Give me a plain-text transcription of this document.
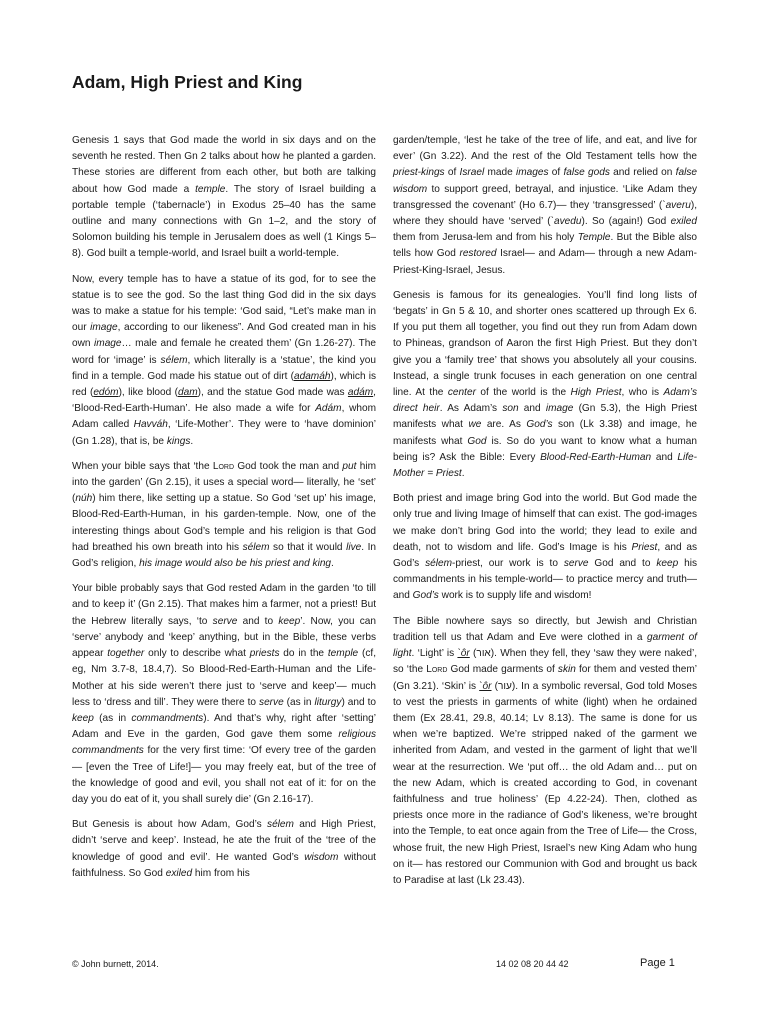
Adam, High Priest and King

Genesis 1 says that God made the world in six days and on the seventh he rested. Then Gn 2 talks about how he planted a garden. These stories are different from each other, but both are talking about how God made a temple. The story of Israel building a portable temple (‘tabernacle’) in Exodus 25–40 has the same outline and many connections with Gn 1–2, and the story of Solomon building his temple in Jerusalem does as well (1 Kings 5–8). God built a temple-world, and Israel built a world-temple.

Now, every temple has to have a statue of its god, for to see the statue is to see the god. So the last thing God did in the six days was to make a statue for his temple: ‘God said, “Let’s make man in our image, according to our likeness”. And God created man in his own image… male and female he created them’ (Gn 1.26-27). The word for ‘image’ is sélem, which literally is a ‘statue’, the kind you find in a temple. God made his statue out of dirt (adamáh), which is red (edóm), like blood (dam), and the statue God made was adám, ‘Blood-Red-Earth-Human’. He also made a wife for Adám, whom Adam called Havváh, ‘Life-Mother’. They were to ‘have dominion’ (Gn 1.28), that is, be kings.

When your bible says that ‘the Lord God took the man and put him into the garden’ (Gn 2.15), it uses a special word— literally, he ‘set’ (núh) him there, like setting up a statue. So God ‘set up’ his image, Blood-Red-Earth-Human, in his garden-temple. Now, one of the interesting things about God’s temple and his religion is that God had breathed his own breath into his sélem so that it would live. In God’s religion, his image would also be his priest and king.

Your bible probably says that God rested Adam in the garden ‘to till and to keep it’ (Gn 2.15). That makes him a farmer, not a priest! But the Hebrew literally says, ‘to serve and to keep’. Now, you can ‘serve’ anybody and ‘keep’ anything, but in the Bible, these verbs appear together only to describe what priests do in the temple (cf, eg, Nm 3.7-8, 18.4,7). So Blood-Red-Earth-Human and the Life-Mother at his side weren’t there just to ‘serve and keep’— much less to ‘dress and till’. They were there to serve (as in liturgy) and to keep (as in commandments). And that’s why, right after ‘setting’ Adam and Eve in the garden, God gave them some religious commandments for the very first time: ‘Of every tree of the garden— [even the Tree of Life!]— you may freely eat, but of the tree of the knowledge of good and evil, you shall not eat of it: for on the day you do eat of it, you shall surely die’ (Gn 2.16-17).

But Genesis is about how Adam, God’s sélem and High Priest, didn’t ‘serve and keep’. Instead, he ate the fruit of the ‘tree of the knowledge of good and evil’. He wanted God’s wisdom without faithfulness. So God exiled him from his

garden/temple, ‘lest he take of the tree of life, and eat, and live for ever’ (Gn 3.22). And the rest of the Old Testament tells how the priest-kings of Israel made images of false gods and relied on false wisdom to support greed, betrayal, and injustice. ‘Like Adam they transgressed the covenant’ (Ho 6.7)— they ‘transgressed’ (`averu), where they should have ‘served’ (`avedu). So (again!) God exiled them from Jerusa-lem and from his holy Temple. But the Bible also tells how God restored Israel— and Adam— through a new Adam-Priest-King-Israel, Jesus.

Genesis is famous for its genealogies. You’ll find long lists of ‘begats’ in Gn 5 & 10, and shorter ones scattered up through Ex 6. If you put them all together, you find out they run from Adam down to Phineas, grandson of Aaron the first High Priest. But they don’t give you a ‘family tree’ that shows you absolutely all your cousins. Instead, a single trunk focuses in each generation on one central line. At the center of the world is the High Priest, who is Adam’s direct heir. As Adam’s son and image (Gn 5.3), the High Priest manifests what we are. As God’s son (Lk 3.38) and image, he manifests what God is. So do you want to know what a human being is? Ask the Bible: Every Blood-Red-Earth-Human and Life-Mother = Priest.

Both priest and image bring God into the world. But God made the only true and living Image of himself that can exist. The god-images we make don’t bring God into the world; they lead to exile and death, not to wisdom and life. God’s Image is his Priest, and as God’s sélem-priest, our work is to serve God and to keep his commandments in his temple-world— to practice mercy and truth— and God’s work is to supply life and wisdom!

The Bible nowhere says so directly, but Jewish and Christian tradition tell us that Adam and Eve were clothed in a garment of light. ‘Light’ is `ôr (אור). When they fell, they ‘saw they were naked’, so ‘the Lord God made garments of skin for them and vested them’ (Gn 3.21). ‘Skin’ is `ôr (עור). In a symbolic reversal, God told Moses to vest the priests in garments of white (light) when he ordained them (Ex 28.41, 29.8, 40.14; Lv 8.13). The same is done for us when we’re baptized. We’re stripped naked of the garment we inherited from Adam, and vested in the garment of light that we’ll wear at the resurrection. We ‘put off… the old Adam and… put on the new Adam, which is created according to God, in covenant faithfulness and true holiness’ (Ep 4.22-24). Then, clothed as priests once more in the radiance of God’s likeness, we’re brought into the Temple, to eat once again from the Tree of Life— the Cross, whose fruit, the new High Priest, Israel’s new King Adam who hung on it— has restored our Communion with God and brought us back to Paradise at last (Lk 23.43).

© John burnett, 2014.	14 02 08 20 44 42	Page 1
